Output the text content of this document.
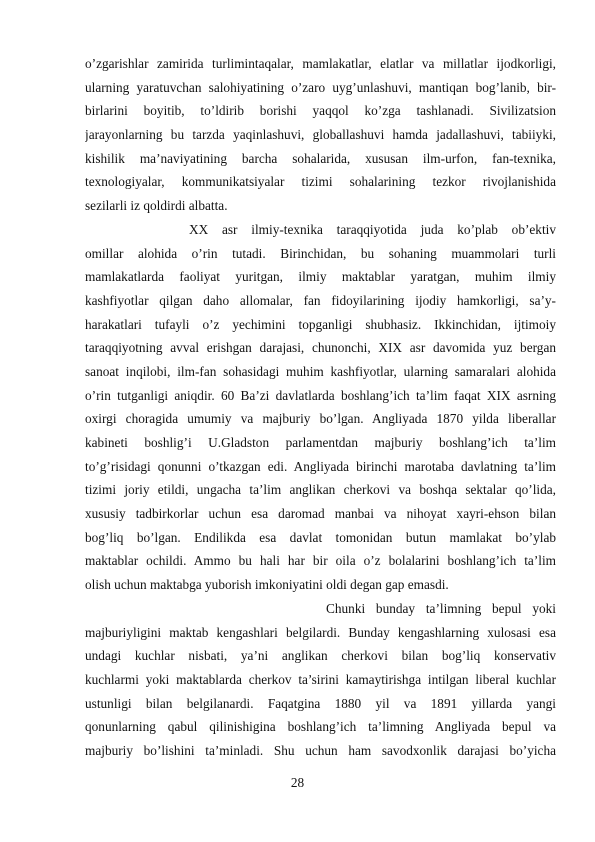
o’zgarishlar zamirida turlimintaqalar, mamlakatlar, elatlar va millatlar ijodkorligi,
ularning yaratuvchan salohiyatining o’zaro uyg’unlashuvi, mantiqan bog’lanib, bir-
birlarini boyitib, to’ldirib borishi yaqqol ko’zga tashlanadi. Sivilizatsion
jarayonlarning bu tarzda yaqinlashuvi, globallashuvi hamda jadallashuvi, tabiiyki,
kishilik ma’naviyatining barcha sohalarida, xususan ilm-urfon, fan-texnika,
texnologiyalar, kommunikatsiyalar tizimi sohalarining tezkor rivojlanishida
sezilarli iz qoldirdi albatta.
XX asr ilmiy-texnika taraqqiyotida juda ko’plab ob’ektiv
omillar alohida o’rin tutadi. Birinchidan, bu sohaning muammolari turli
mamlakatlarda faoliyat yuritgan, ilmiy maktablar yaratgan, muhim ilmiy
kashfiyotlar qilgan daho allomalar, fan fidoyilarining ijodiy hamkorligi, sa’y-
harakatlari tufayli o’z yechimini topganligi shubhasiz. Ikkinchidan, ijtimoiy
taraqqiyotning avval erishgan darajasi, chunonchi, XIX asr davomida yuz bergan
sanoat inqilobi, ilm-fan sohasidagi muhim kashfiyotlar, ularning samaralari alohida
o’rin tutganligi aniqdir. 60 Ba’zi davlatlarda boshlang’ich ta’lim faqat XIX asrning
oxirgi choragida umumiy va majburiy bo’lgan. Angliyada 1870 yilda liberallar
kabineti boshlig’i U.Gladston parlamentdan majburiy boshlang’ich ta’lim
to’g’risidagi qonunni o’tkazgan edi. Angliyada birinchi marotaba davlatning ta’lim
tizimi joriy etildi, ungacha ta’lim anglikan cherkovi va boshqa sektalar qo’lida,
xususiy tadbirkorlar uchun esa daromad manbai va nihoyat xayri-ehson bilan
bog’liq bo’lgan. Endilikda esa davlat tomonidan butun mamlakat bo’ylab
maktablar ochildi. Ammo bu hali har bir oila o’z bolalarini boshlang’ich ta’lim
olish uchun maktabga yuborish imkoniyatini oldi degan gap emasdi.
Chunki bunday ta’limning bepul yoki
majburiyligini maktab kengashlari belgilardi. Bunday kengashlarning xulosasi esa
undagi kuchlar nisbati, ya’ni anglikan cherkovi bilan bog’liq konservativ
kuchlarmi yoki maktablarda cherkov ta’sirini kamaytirishga intilgan liberal kuchlar
ustunligi bilan belgilanardi. Faqatgina 1880 yil va 1891 yillarda yangi
qonunlarning qabul qilinishigina boshlang’ich ta’limning Angliyada bepul va
majburiy bo’lishini ta’minladi. Shu uchun ham savodxonlik darajasi bo’yicha
28
